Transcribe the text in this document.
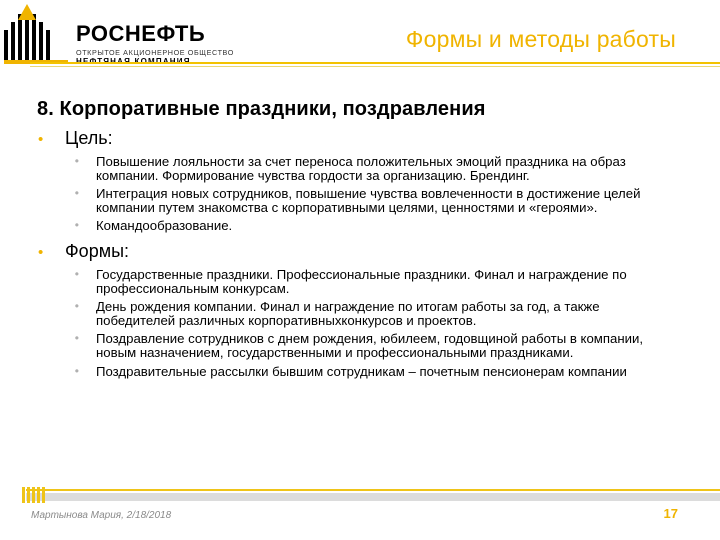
РОСНЕФТЬ
ОТКРЫТОЕ АКЦИОНЕРНОЕ ОБЩЕСТВО
Формы и методы работы
8. Корпоративные праздники, поздравления
•	Цель:
•	Повышение лояльности за счет переноса положительных эмоций праздника на образ компании. Формирование чувства гордости за организацию. Брендинг.
•	Интеграция новых сотрудников, повышение чувства вовлеченности в достижение целей компании путем знакомства с корпоративными целями, ценностями и «героями».
•	Командообразование.
•	Формы:
•	Государственные праздники. Профессиональные праздники. Финал и награждение по профессиональным конкурсам.
•	День рождения компании. Финал и награждение по итогам работы за год, а также победителей различных корпоративныхконкурсов и проектов.
•	Поздравление сотрудников с днем рождения, юбилеем, годовщиной работы в компании, новым назначением, государственными и профессиональными праздниками.
•	Поздравительные рассылки бывшим сотрудникам – почетным пенсионерам компании
Мартынова Мария, 2/18/2018	17
